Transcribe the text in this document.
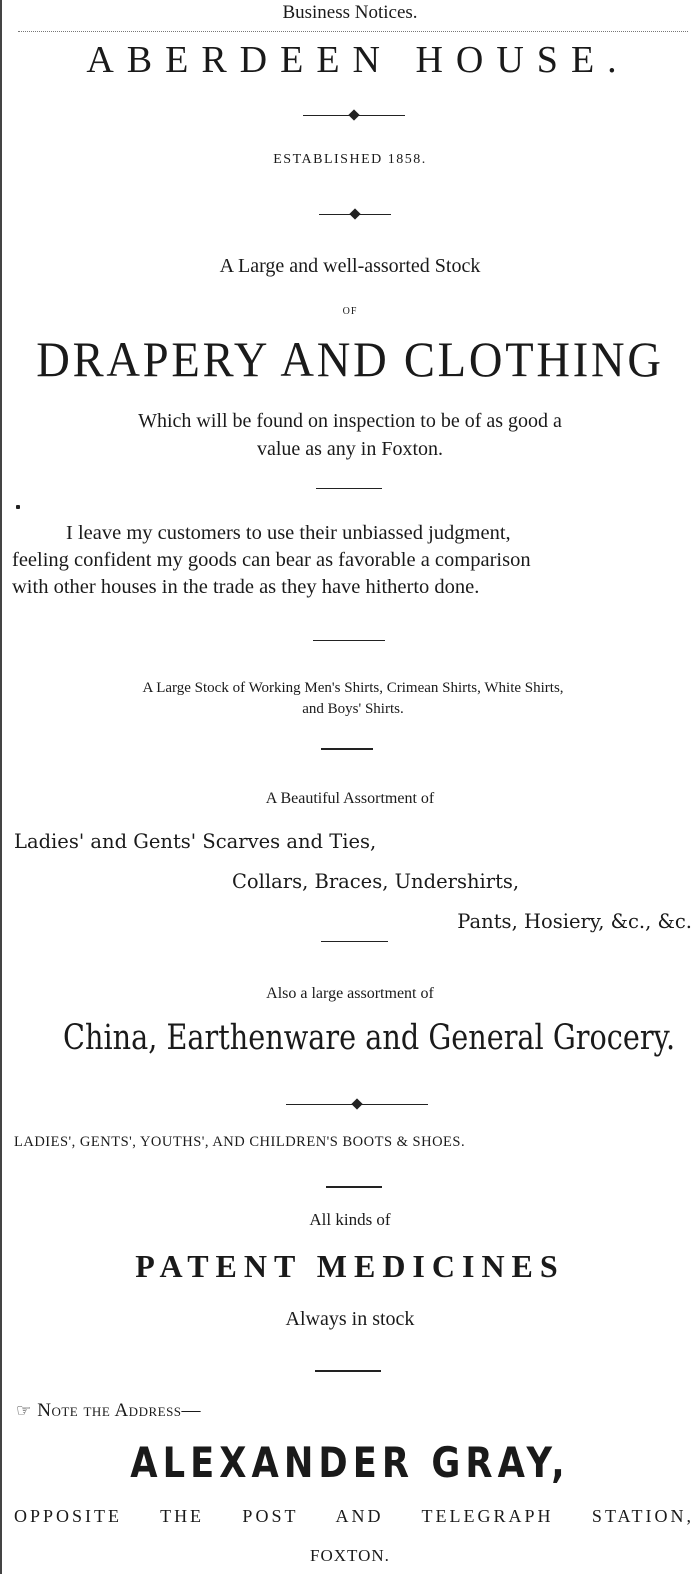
Business Notices.

ABERDEEN HOUSE.

ESTABLISHED 1858.

A Large and well-assorted Stock

OF

DRAPERY AND CLOTHING

Which will be found on inspection to be of as good a
value as any in Foxton.
I leave my customers to use their unbiassed judgment,
feeling confident my goods can bear as favorable a comparison
with other houses in the trade as they have hitherto done.
A Large Stock of Working Men's Shirts, Crimean Shirts, White Shirts,
and Boys' Shirts.

A Beautiful Assortment of

Ladies' and Gents' Scarves and Ties,

Collars, Braces, Undershirts,

Pants, Hosiery, &c., &c.

Also a large assortment of

China, Earthenware and General Grocery.

LADIES', GENTS', YOUTHS', AND CHILDREN'S BOOTS & SHOES.

All kinds of

PATENT MEDICINES

Always in stock

☞ Note the Address—

ALEXANDER GRAY,

OPPOSITE THE POST AND TELEGRAPH STATION,

FOXTON.
